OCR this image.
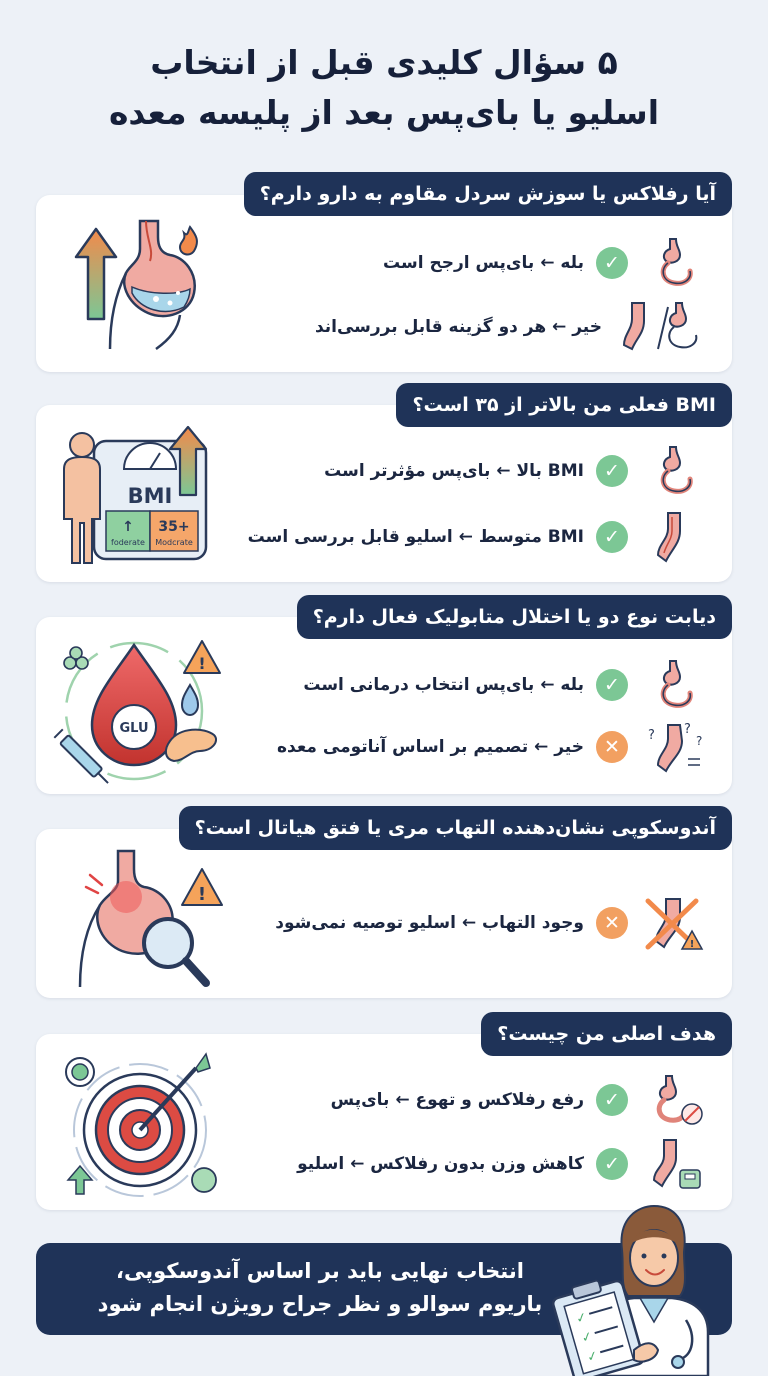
۵ سؤال کلیدی قبل از انتخاب
اسلیو یا بای‌پس بعد از پلیسه معده
✓
بله ← بای‌پس ارجح است
خیر ← هر دو گزینه قابل بررسی‌اند
آیا رفلاکس یا سوزش سردل مقاوم به دارو دارم؟
BMI
↑
foderate
35+
Modcrate
✓
BMI بالا ← بای‌پس مؤثرتر است
✓
BMI متوسط ← اسلیو قابل بررسی است
BMI فعلی من بالاتر از ۳۵ است؟
GLU
!
✓
بله ← بای‌پس انتخاب درمانی است
? ?
?
✕
خیر ← تصمیم بر اساس آناتومی معده
دیابت نوع دو یا اختلال متابولیک فعال دارم؟
!
!
✕
وجود التهاب ← اسلیو توصیه نمی‌شود
آندوسکوپی نشان‌دهنده التهاب مری یا فتق هیاتال است؟
✓
رفع رفلاکس و تهوع ← بای‌پس
✓
کاهش وزن بدون رفلاکس ← اسلیو
هدف اصلی من چیست؟
انتخاب نهایی باید بر اساس آندوسکوپی،
باریوم سوالو و نظر جراح رویژن انجام شود
✓
✓
✓
